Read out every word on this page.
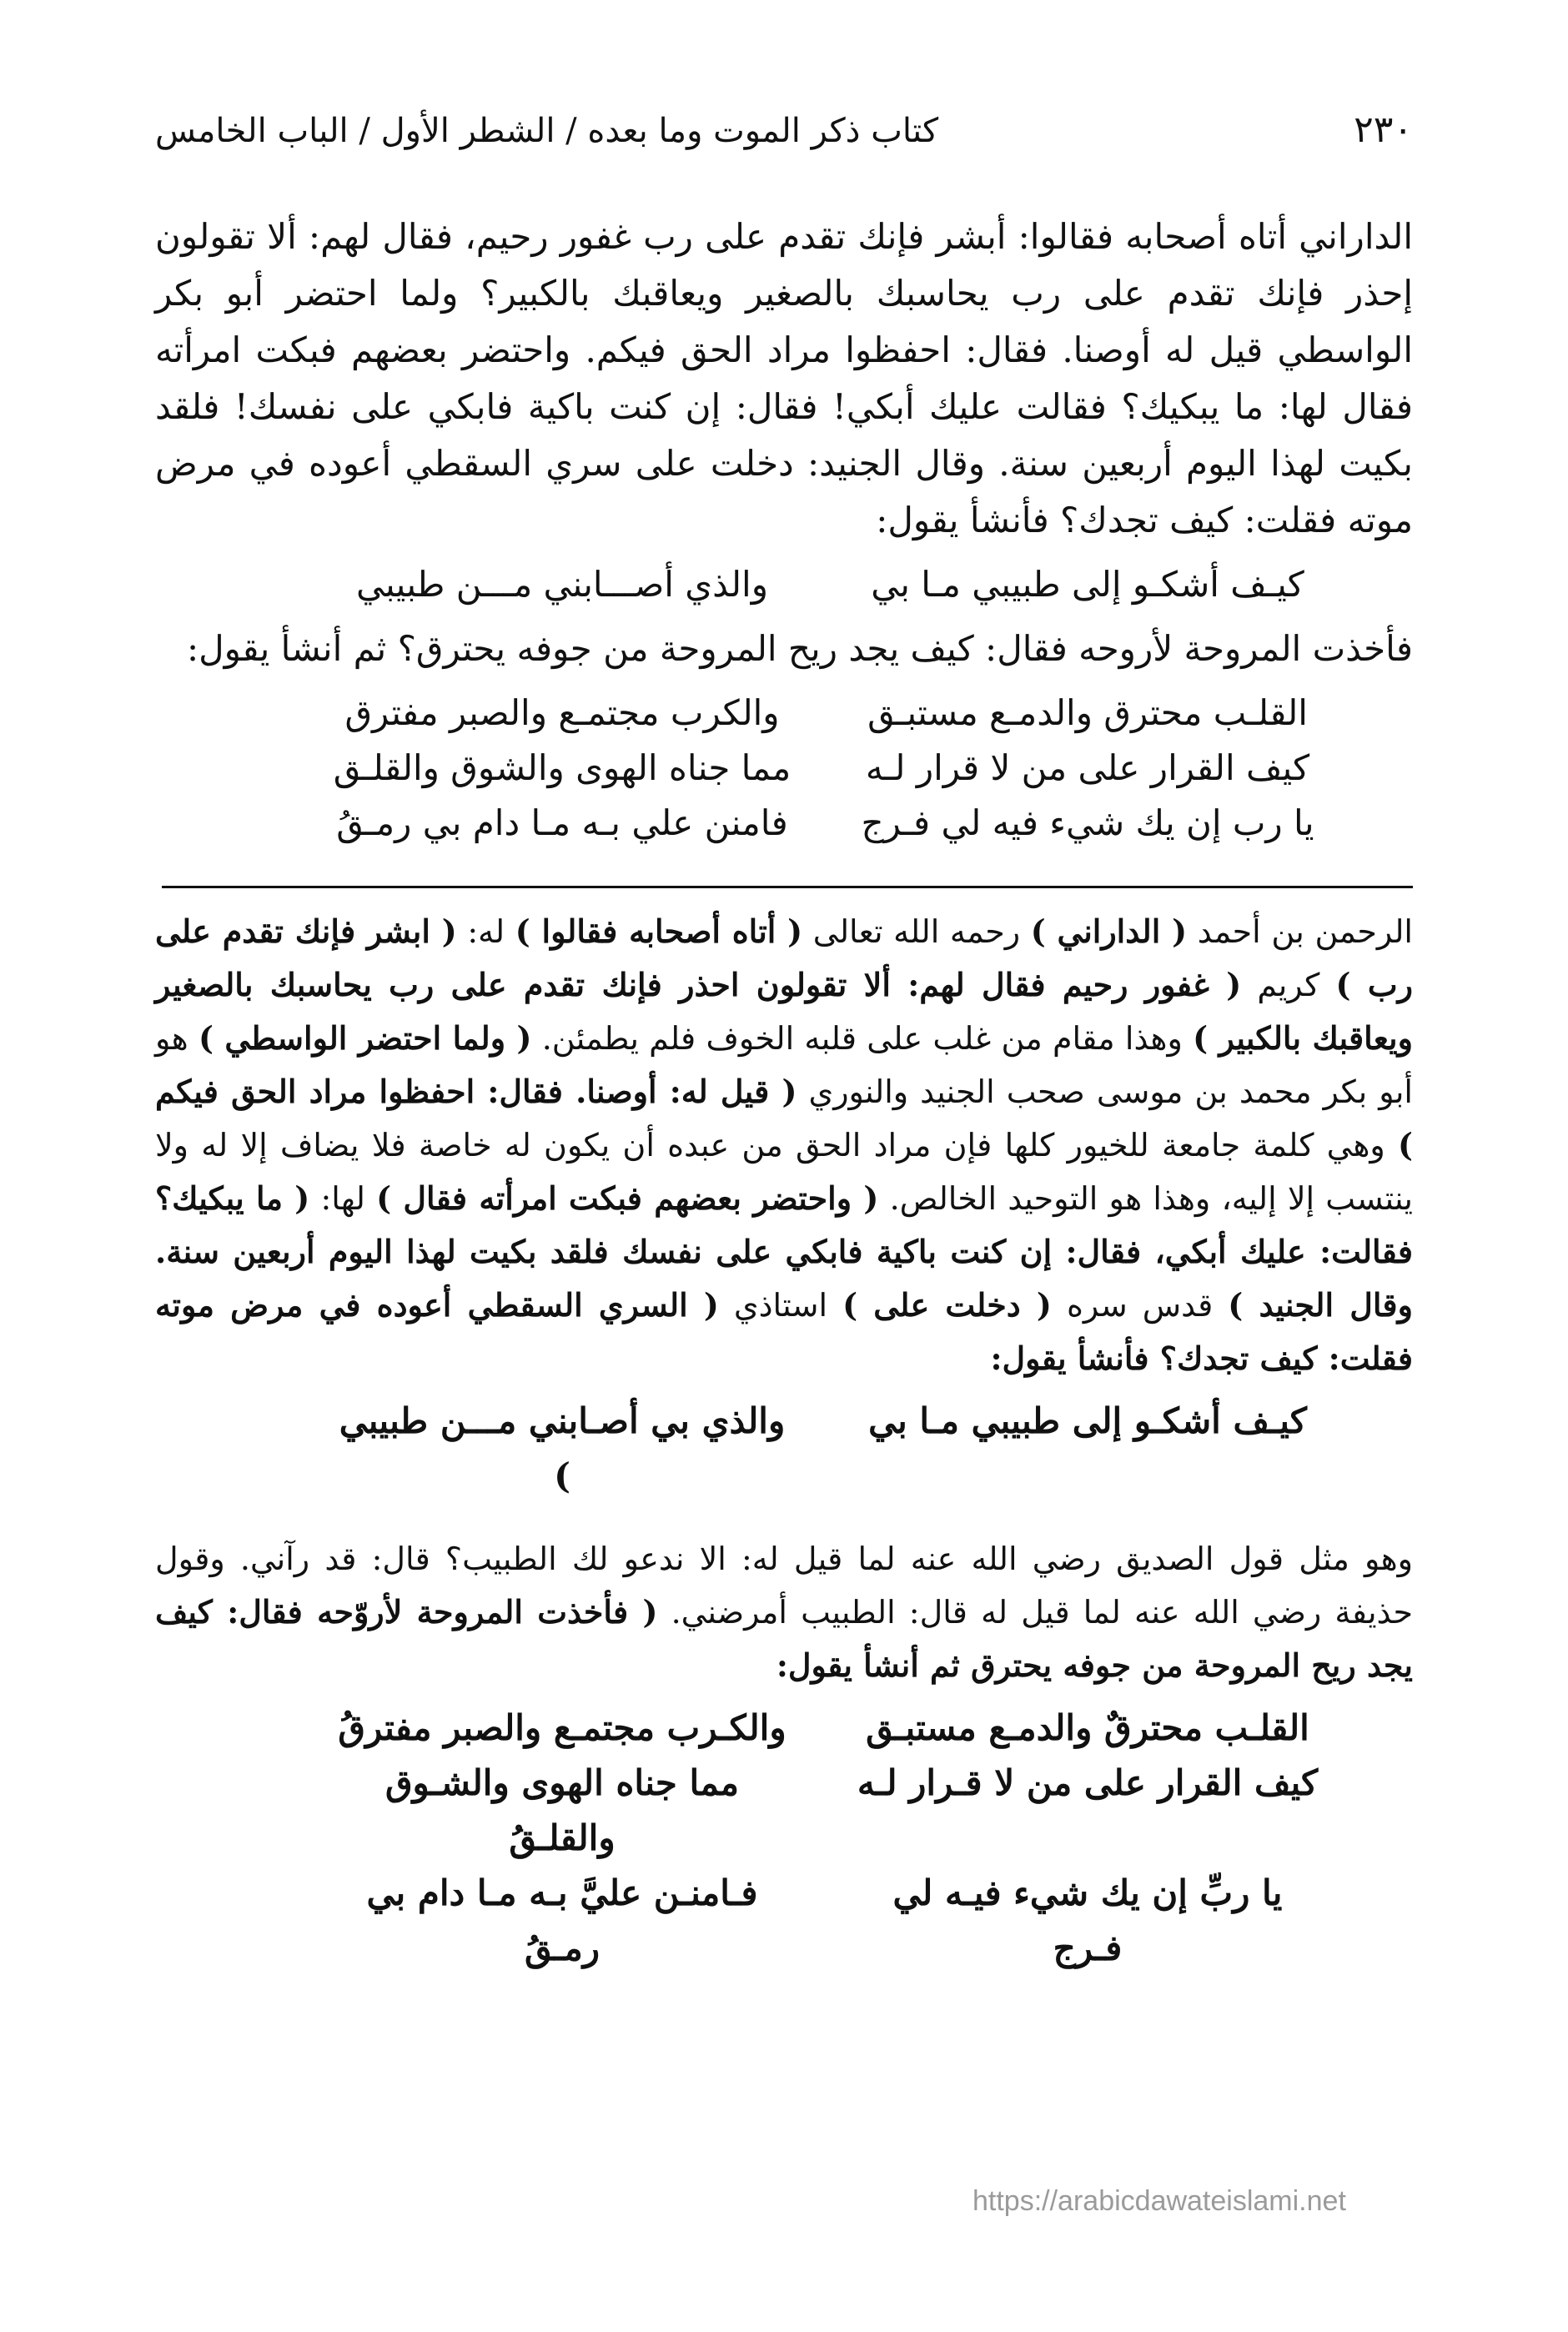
٢٣٠
كتاب ذكر الموت وما بعده / الشطر الأول / الباب الخامس

الداراني أتاه أصحابه فقالوا: أبشر فإنك تقدم على رب غفور رحيم، فقال لهم: ألا تقولون إحذر فإنك تقدم على رب يحاسبك بالصغير ويعاقبك بالكبير؟ ولما احتضر أبو بكر الواسطي قيل له أوصنا. فقال: احفظوا مراد الحق فيكم. واحتضر بعضهم فبكت امرأته فقال لها: ما يبكيك؟ فقالت عليك أبكي! فقال: إن كنت باكية فابكي على نفسك! فلقد بكيت لهذا اليوم أربعين سنة. وقال الجنيد: دخلت على سري السقطي أعوده في مرض موته فقلت: كيف تجدك؟ فأنشأ يقول:

كيـف أشكـو إلى طبيبي مـا بي
والذي أصـــابني مـــن طبيبي

فأخذت المروحة لأروحه فقال: كيف يجد ريح المروحة من جوفه يحترق؟ ثم أنشأ يقول:

القلـب محترق والدمـع مستبـق
والكرب مجتمـع والصبر مفترق
كيف القرار على من لا قرار لـه
مما جناه الهوى والشوق والقلـق
يا رب إن يك شيء فيه لي فـرج
فامنن علي بـه مـا دام بي رمـقُ

الرحمن بن أحمد ( الداراني ) رحمه الله تعالى ( أتاه أصحابه فقالوا ) له: ( ابشر فإنك تقدم على رب ) كريم ( غفور رحيم فقال لهم: ألا تقولون احذر فإنك تقدم على رب يحاسبك بالصغير ويعاقبك بالكبير ) وهذا مقام من غلب على قلبه الخوف فلم يطمئن. ( ولما احتضر الواسطي ) هو أبو بكر محمد بن موسى صحب الجنيد والنوري ( قيل له: أوصنا. فقال: احفظوا مراد الحق فيكم ) وهي كلمة جامعة للخيور كلها فإن مراد الحق من عبده أن يكون له خاصة فلا يضاف إلا له ولا ينتسب إلا إليه، وهذا هو التوحيد الخالص. ( واحتضر بعضهم فبكت امرأته فقال ) لها: ( ما يبكيك؟ فقالت: عليك أبكي، فقال: إن كنت باكية فابكي على نفسك فلقد بكيت لهذا اليوم أربعين سنة. وقال الجنيد ) قدس سره ( دخلت على ) استاذي ( السري السقطي أعوده في مرض موته فقلت: كيف تجدك؟ فأنشأ يقول:

كيـف أشكـو إلى طبيبي مـا بي
والذي بي أصـابني مـــن طبيبي )

وهو مثل قول الصديق رضي الله عنه لما قيل له: الا ندعو لك الطبيب؟ قال: قد رآني. وقول حذيفة رضي الله عنه لما قيل له قال: الطبيب أمرضني. ( فأخذت المروحة لأروّحه فقال: كيف يجد ريح المروحة من جوفه يحترق ثم أنشأ يقول:

القلـب محترقٌ والدمـع مستبـق
والكـرب مجتمـع والصبر مفترقُ
كيف القرار على من لا قـرار لـه
مما جناه الهوى والشـوق والقلـقُ
يا ربِّ إن يك شيء فيـه لي فـرج
فـامنـن عليَّ بـه مـا دام بي رمـقُ
https://arabicdawateislami.net
